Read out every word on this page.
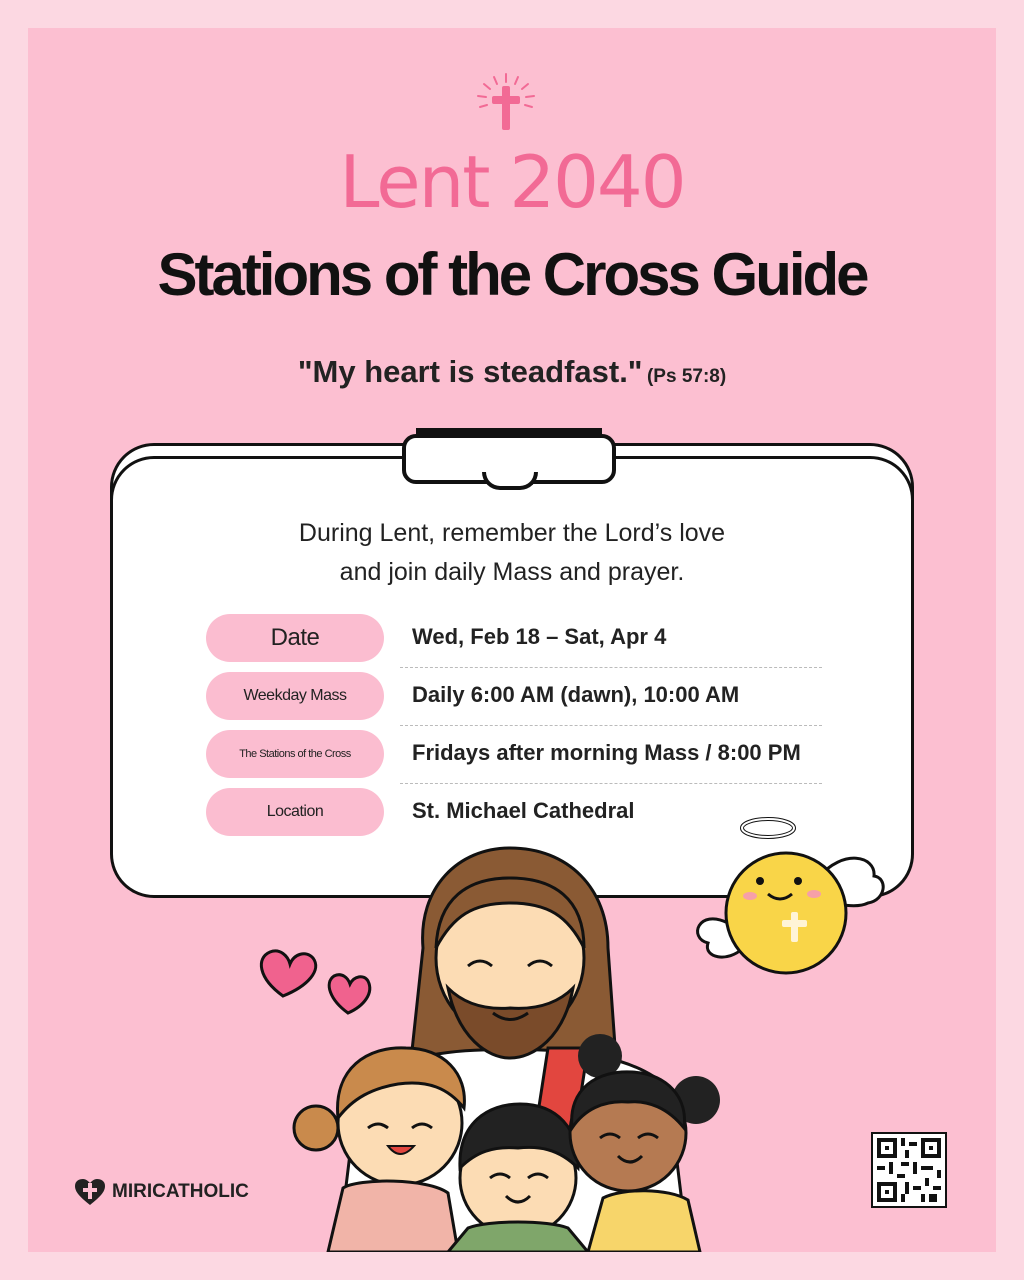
Lent 2040
Stations of the Cross Guide
"My heart is steadfast." (Ps 57:8)
During Lent, remember the Lord’s love
and join daily Mass and prayer.
Date	Wed, Feb 18 – Sat, Apr 4
Weekday Mass	Daily 6:00 AM (dawn), 10:00 AM
The Stations of the Cross	Fridays after morning Mass / 8:00 PM
Location	St. Michael Cathedral
MIRICATHOLIC
